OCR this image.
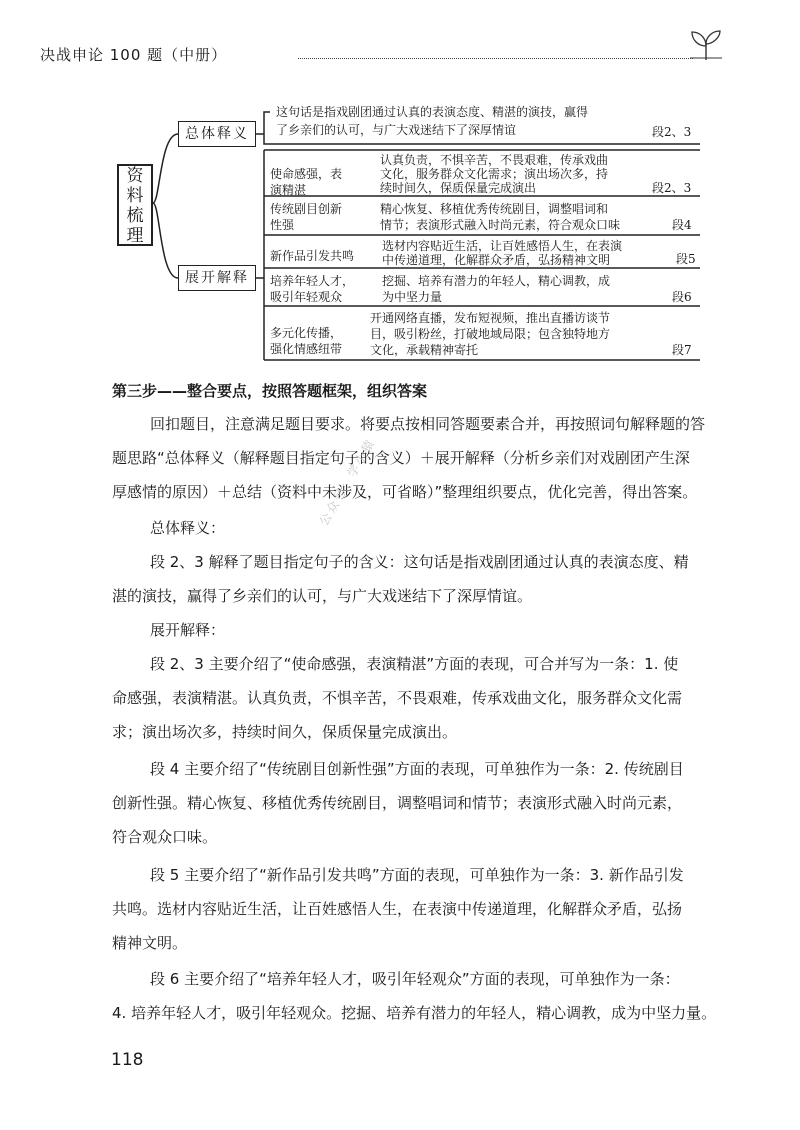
决战申论 100 题（中册）
资
料
梳
理
总体释义
展开解释
这句话是指戏剧团通过认真的表演态度、精湛的演技，赢得
了乡亲们的认可，与广大戏迷结下了深厚情谊	段2、3
使命感强，表
演精湛
认真负责，不惧辛苦，不畏艰难，传承戏曲
文化，服务群众文化需求；演出场次多，持
续时间久，保质保量完成演出	段2、3
传统剧目创新
性强
精心恢复、移植优秀传统剧目，调整唱词和
情节；表演形式融入时尚元素，符合观众口味	段4
新作品引发共鸣
选材内容贴近生活，让百姓感悟人生，在表演
中传递道理，化解群众矛盾，弘扬精神文明	段5
培养年轻人才，
吸引年轻观众
挖掘、培养有潜力的年轻人，精心调教，成
为中坚力量	段6
多元化传播，
强化情感纽带
开通网络直播，发布短视频，推出直播访谈节
目，吸引粉丝，打破地域局限；包含独特地方
文化，承载精神寄托	段7
第三步——整合要点，按照答题框架，组织答案
回扣题目，注意满足题目要求。将要点按相同答题要素合并，再按照词句解释题的答
题思路“总体释义（解释题目指定句子的含义）＋展开解释（分析乡亲们对戏剧团产生深
厚感情的原因）＋总结（资料中未涉及，可省略）”整理组织要点，优化完善，得出答案。
总体释义：
段 2、3 解释了题目指定句子的含义：这句话是指戏剧团通过认真的表演态度、精
湛的演技，赢得了乡亲们的认可，与广大戏迷结下了深厚情谊。
展开解释：
段 2、3 主要介绍了“使命感强，表演精湛”方面的表现，可合并写为一条：1. 使
命感强，表演精湛。认真负责，不惧辛苦，不畏艰难，传承戏曲文化，服务群众文化需
求；演出场次多，持续时间久，保质保量完成演出。
段 4 主要介绍了“传统剧目创新性强”方面的表现，可单独作为一条：2. 传统剧目
创新性强。精心恢复、移植优秀传统剧目，调整唱词和情节；表演形式融入时尚元素，
符合观众口味。
段 5 主要介绍了“新作品引发共鸣”方面的表现，可单独作为一条：3. 新作品引发
共鸣。选材内容贴近生活，让百姓感悟人生，在表演中传递道理，化解群众矛盾，弘扬
精神文明。
段 6 主要介绍了“培养年轻人才，吸引年轻观众”方面的表现，可单独作为一条：
4. 培养年轻人才，吸引年轻观众。挖掘、培养有潜力的年轻人，精心调教，成为中坚力量。
公众号：学小猿
118
